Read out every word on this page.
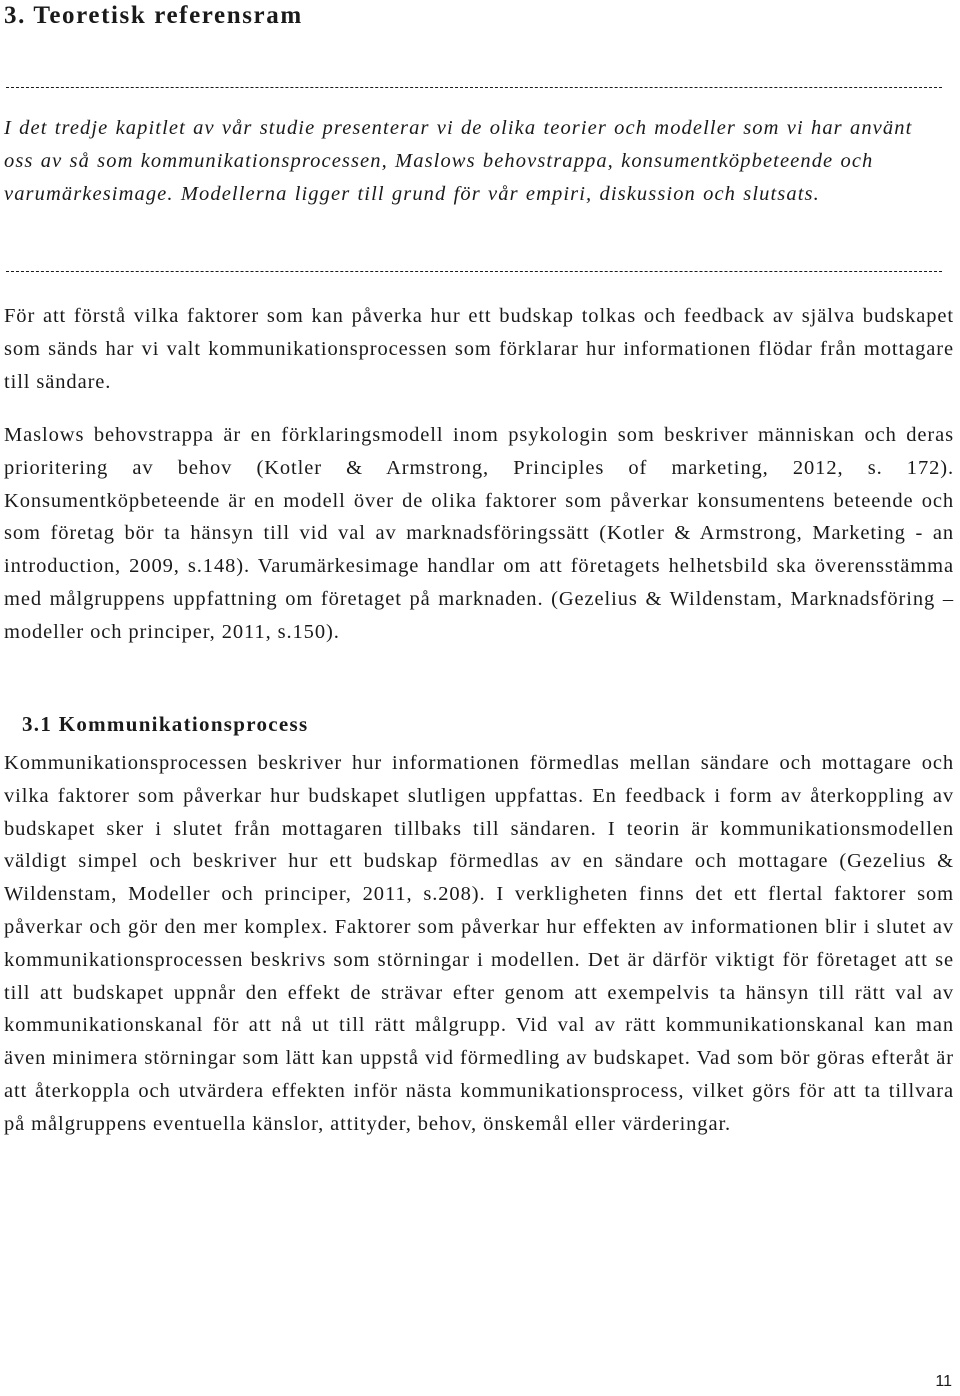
3. Teoretisk referensram

I det tredje kapitlet av vår studie presenterar vi de olika teorier och modeller som vi har använt oss av så som kommunikationsprocessen, Maslows behovstrappa, konsumentköpbeteende och varumärkesimage. Modellerna ligger till grund för vår empiri, diskussion och slutsats.

För att förstå vilka faktorer som kan påverka hur ett budskap tolkas och feedback av själva budskapet som sänds har vi valt kommunikationsprocessen som förklarar hur informationen flödar från mottagare till sändare.

Maslows behovstrappa är en förklaringsmodell inom psykologin som beskriver människan och deras prioritering av behov (Kotler & Armstrong, Principles of marketing, 2012, s. 172). Konsumentköpbeteende är en modell över de olika faktorer som påverkar konsumentens beteende och som företag bör ta hänsyn till vid val av marknadsföringssätt (Kotler & Armstrong, Marketing - an introduction, 2009, s.148). Varumärkesimage handlar om att företagets helhetsbild ska överensstämma med målgruppens uppfattning om företaget på marknaden. (Gezelius & Wildenstam, Marknadsföring – modeller och principer, 2011, s.150).

3.1 Kommunikationsprocess

Kommunikationsprocessen beskriver hur informationen förmedlas mellan sändare och mottagare och vilka faktorer som påverkar hur budskapet slutligen uppfattas. En feedback i form av återkoppling av budskapet sker i slutet från mottagaren tillbaks till sändaren. I teorin är kommunikationsmodellen väldigt simpel och beskriver hur ett budskap förmedlas av en sändare och mottagare (Gezelius & Wildenstam, Modeller och principer, 2011, s.208). I verkligheten finns det ett flertal faktorer som påverkar och gör den mer komplex. Faktorer som påverkar hur effekten av informationen blir i slutet av kommunikationsprocessen beskrivs som störningar i modellen. Det är därför viktigt för företaget att se till att budskapet uppnår den effekt de strävar efter genom att exempelvis ta hänsyn till rätt val av kommunikationskanal för att nå ut till rätt målgrupp. Vid val av rätt kommunikationskanal kan man även minimera störningar som lätt kan uppstå vid förmedling av budskapet. Vad som bör göras efteråt är att återkoppla och utvärdera effekten inför nästa kommunikationsprocess, vilket görs för att ta tillvara på målgruppens eventuella känslor, attityder, behov, önskemål eller värderingar.

11
